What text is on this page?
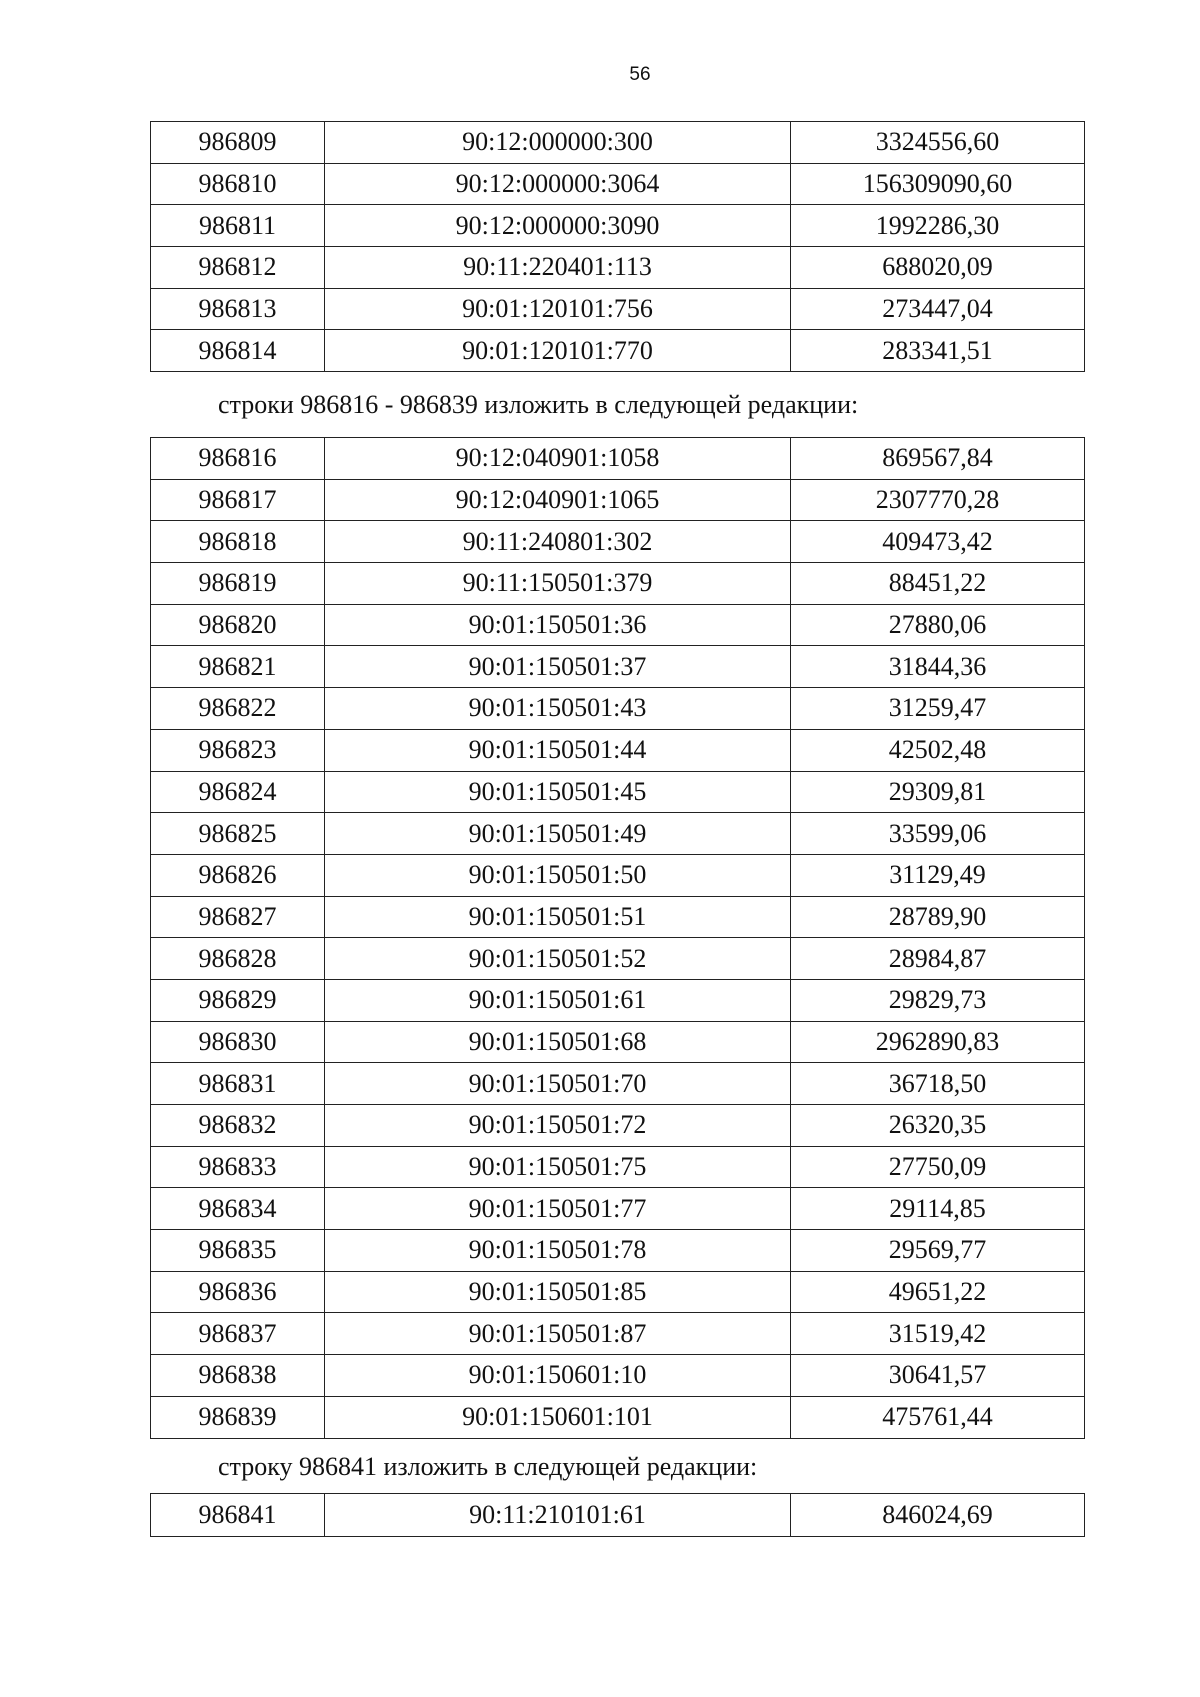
56
986809	90:12:000000:300	3324556,60
986810	90:12:000000:3064	156309090,60
986811	90:12:000000:3090	1992286,30
986812	90:11:220401:113	688020,09
986813	90:01:120101:756	273447,04
986814	90:01:120101:770	283341,51
строки 986816 - 986839 изложить в следующей редакции:
986816	90:12:040901:1058	869567,84
986817	90:12:040901:1065	2307770,28
986818	90:11:240801:302	409473,42
986819	90:11:150501:379	88451,22
986820	90:01:150501:36	27880,06
986821	90:01:150501:37	31844,36
986822	90:01:150501:43	31259,47
986823	90:01:150501:44	42502,48
986824	90:01:150501:45	29309,81
986825	90:01:150501:49	33599,06
986826	90:01:150501:50	31129,49
986827	90:01:150501:51	28789,90
986828	90:01:150501:52	28984,87
986829	90:01:150501:61	29829,73
986830	90:01:150501:68	2962890,83
986831	90:01:150501:70	36718,50
986832	90:01:150501:72	26320,35
986833	90:01:150501:75	27750,09
986834	90:01:150501:77	29114,85
986835	90:01:150501:78	29569,77
986836	90:01:150501:85	49651,22
986837	90:01:150501:87	31519,42
986838	90:01:150601:10	30641,57
986839	90:01:150601:101	475761,44
строку 986841 изложить в следующей редакции:
986841	90:11:210101:61	846024,69
